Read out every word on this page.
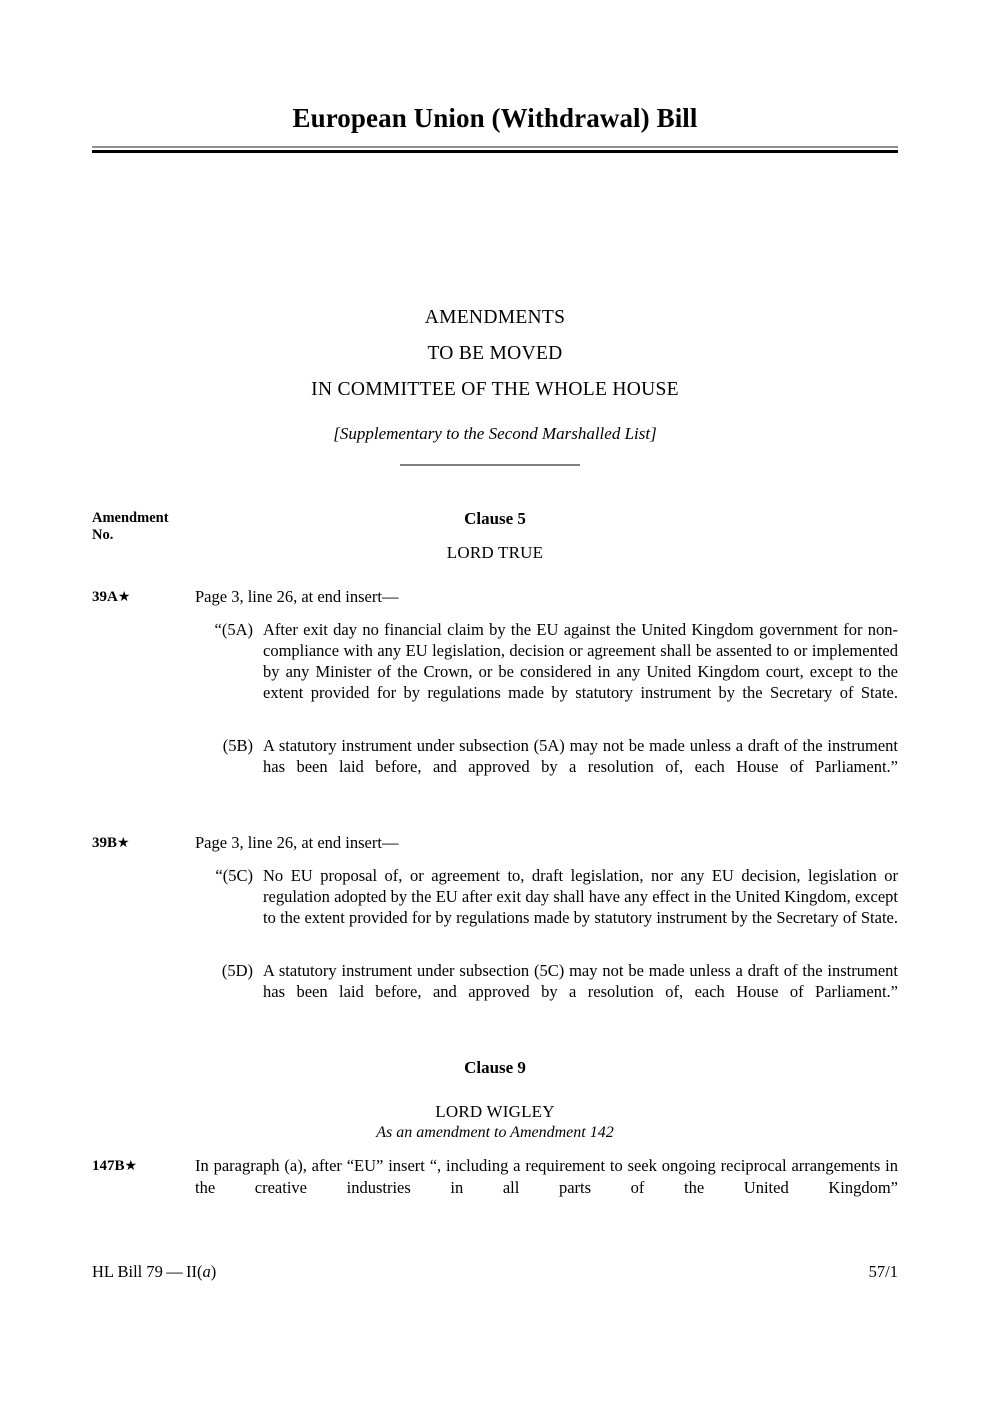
European Union (Withdrawal) Bill
AMENDMENTS
TO BE MOVED
IN COMMITTEE OF THE WHOLE HOUSE
[Supplementary to the Second Marshalled List]
Amendment
No.
Clause 5
LORD TRUE
39A★	Page 3, line 26, at end insert—
“(5A) After exit day no financial claim by the EU against the United Kingdom government for non-compliance with any EU legislation, decision or agreement shall be assented to or implemented by any Minister of the Crown, or be considered in any United Kingdom court, except to the extent provided for by regulations made by statutory instrument by the Secretary of State.
(5B) A statutory instrument under subsection (5A) may not be made unless a draft of the instrument has been laid before, and approved by a resolution of, each House of Parliament.”
39B★	Page 3, line 26, at end insert—
“(5C) No EU proposal of, or agreement to, draft legislation, nor any EU decision, legislation or regulation adopted by the EU after exit day shall have any effect in the United Kingdom, except to the extent provided for by regulations made by statutory instrument by the Secretary of State.
(5D) A statutory instrument under subsection (5C) may not be made unless a draft of the instrument has been laid before, and approved by a resolution of, each House of Parliament.”
Clause 9
LORD WIGLEY
As an amendment to Amendment 142
147B★	In paragraph (a), after “EU” insert “, including a requirement to seek ongoing reciprocal arrangements in the creative industries in all parts of the United Kingdom”
HL Bill 79 — II(a)	57/1
